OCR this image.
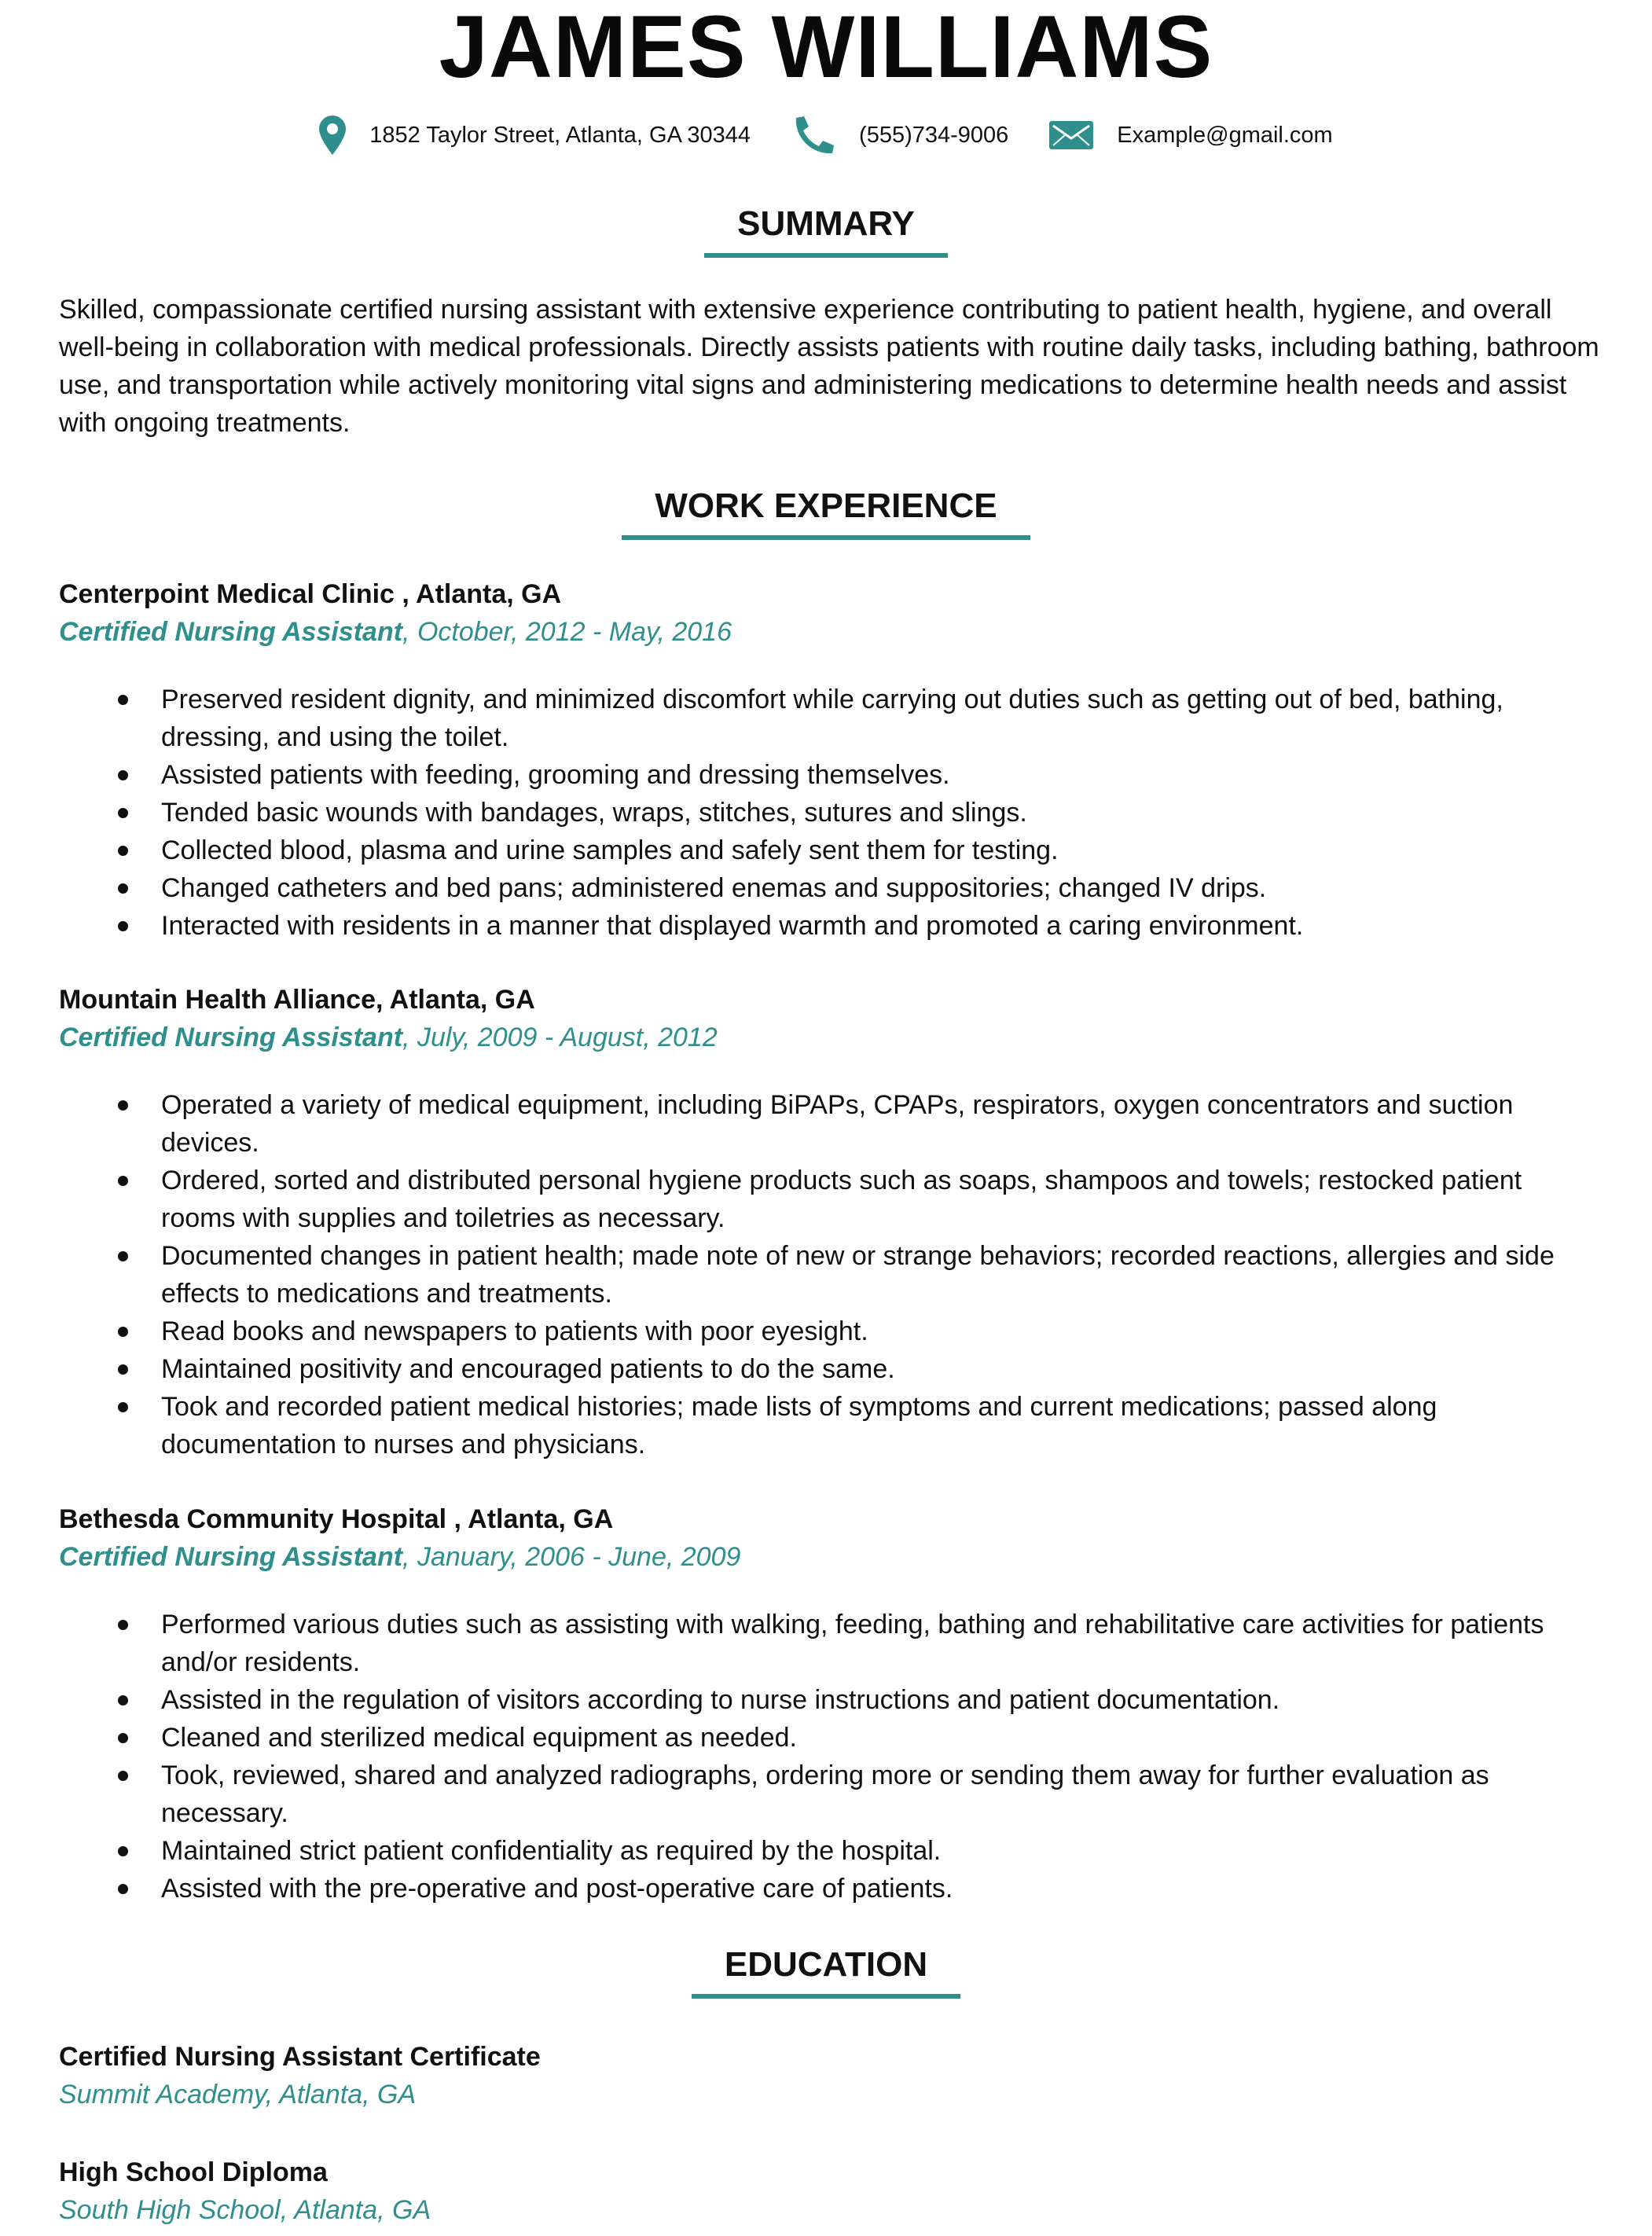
JAMES WILLIAMS
1852 Taylor Street, Atlanta, GA 30344	(555)734-9006	Example@gmail.com
SUMMARY

Skilled, compassionate certified nursing assistant with extensive experience contributing to patient health, hygiene, and overall well-being in collaboration with medical professionals. Directly assists patients with routine daily tasks, including bathing, bathroom use, and transportation while actively monitoring vital signs and administering medications to determine health needs and assist with ongoing treatments.

WORK EXPERIENCE
Centerpoint Medical Clinic , Atlanta, GA
Certified Nursing Assistant, October, 2012 - May, 2016
Preserved resident dignity, and minimized discomfort while carrying out duties such as getting out of bed, bathing, dressing, and using the toilet.
Assisted patients with feeding, grooming and dressing themselves.
Tended basic wounds with bandages, wraps, stitches, sutures and slings.
Collected blood, plasma and urine samples and safely sent them for testing.
Changed catheters and bed pans; administered enemas and suppositories; changed IV drips.
Interacted with residents in a manner that displayed warmth and promoted a caring environment.
Mountain Health Alliance, Atlanta, GA
Certified Nursing Assistant, July, 2009 - August, 2012
Operated a variety of medical equipment, including BiPAPs, CPAPs, respirators, oxygen concentrators and suction devices.
Ordered, sorted and distributed personal hygiene products such as soaps, shampoos and towels; restocked patient rooms with supplies and toiletries as necessary.
Documented changes in patient health; made note of new or strange behaviors; recorded reactions, allergies and side effects to medications and treatments.
Read books and newspapers to patients with poor eyesight.
Maintained positivity and encouraged patients to do the same.
Took and recorded patient medical histories; made lists of symptoms and current medications; passed along documentation to nurses and physicians.
Bethesda Community Hospital , Atlanta, GA
Certified Nursing Assistant, January, 2006 - June, 2009
Performed various duties such as assisting with walking, feeding, bathing and rehabilitative care activities for patients and/or residents.
Assisted in the regulation of visitors according to nurse instructions and patient documentation.
Cleaned and sterilized medical equipment as needed.
Took, reviewed, shared and analyzed radiographs, ordering more or sending them away for further evaluation as necessary.
Maintained strict patient confidentiality as required by the hospital.
Assisted with the pre-operative and post-operative care of patients.
EDUCATION
Certified Nursing Assistant Certificate
Summit Academy, Atlanta, GA
High School Diploma
South High School, Atlanta, GA
